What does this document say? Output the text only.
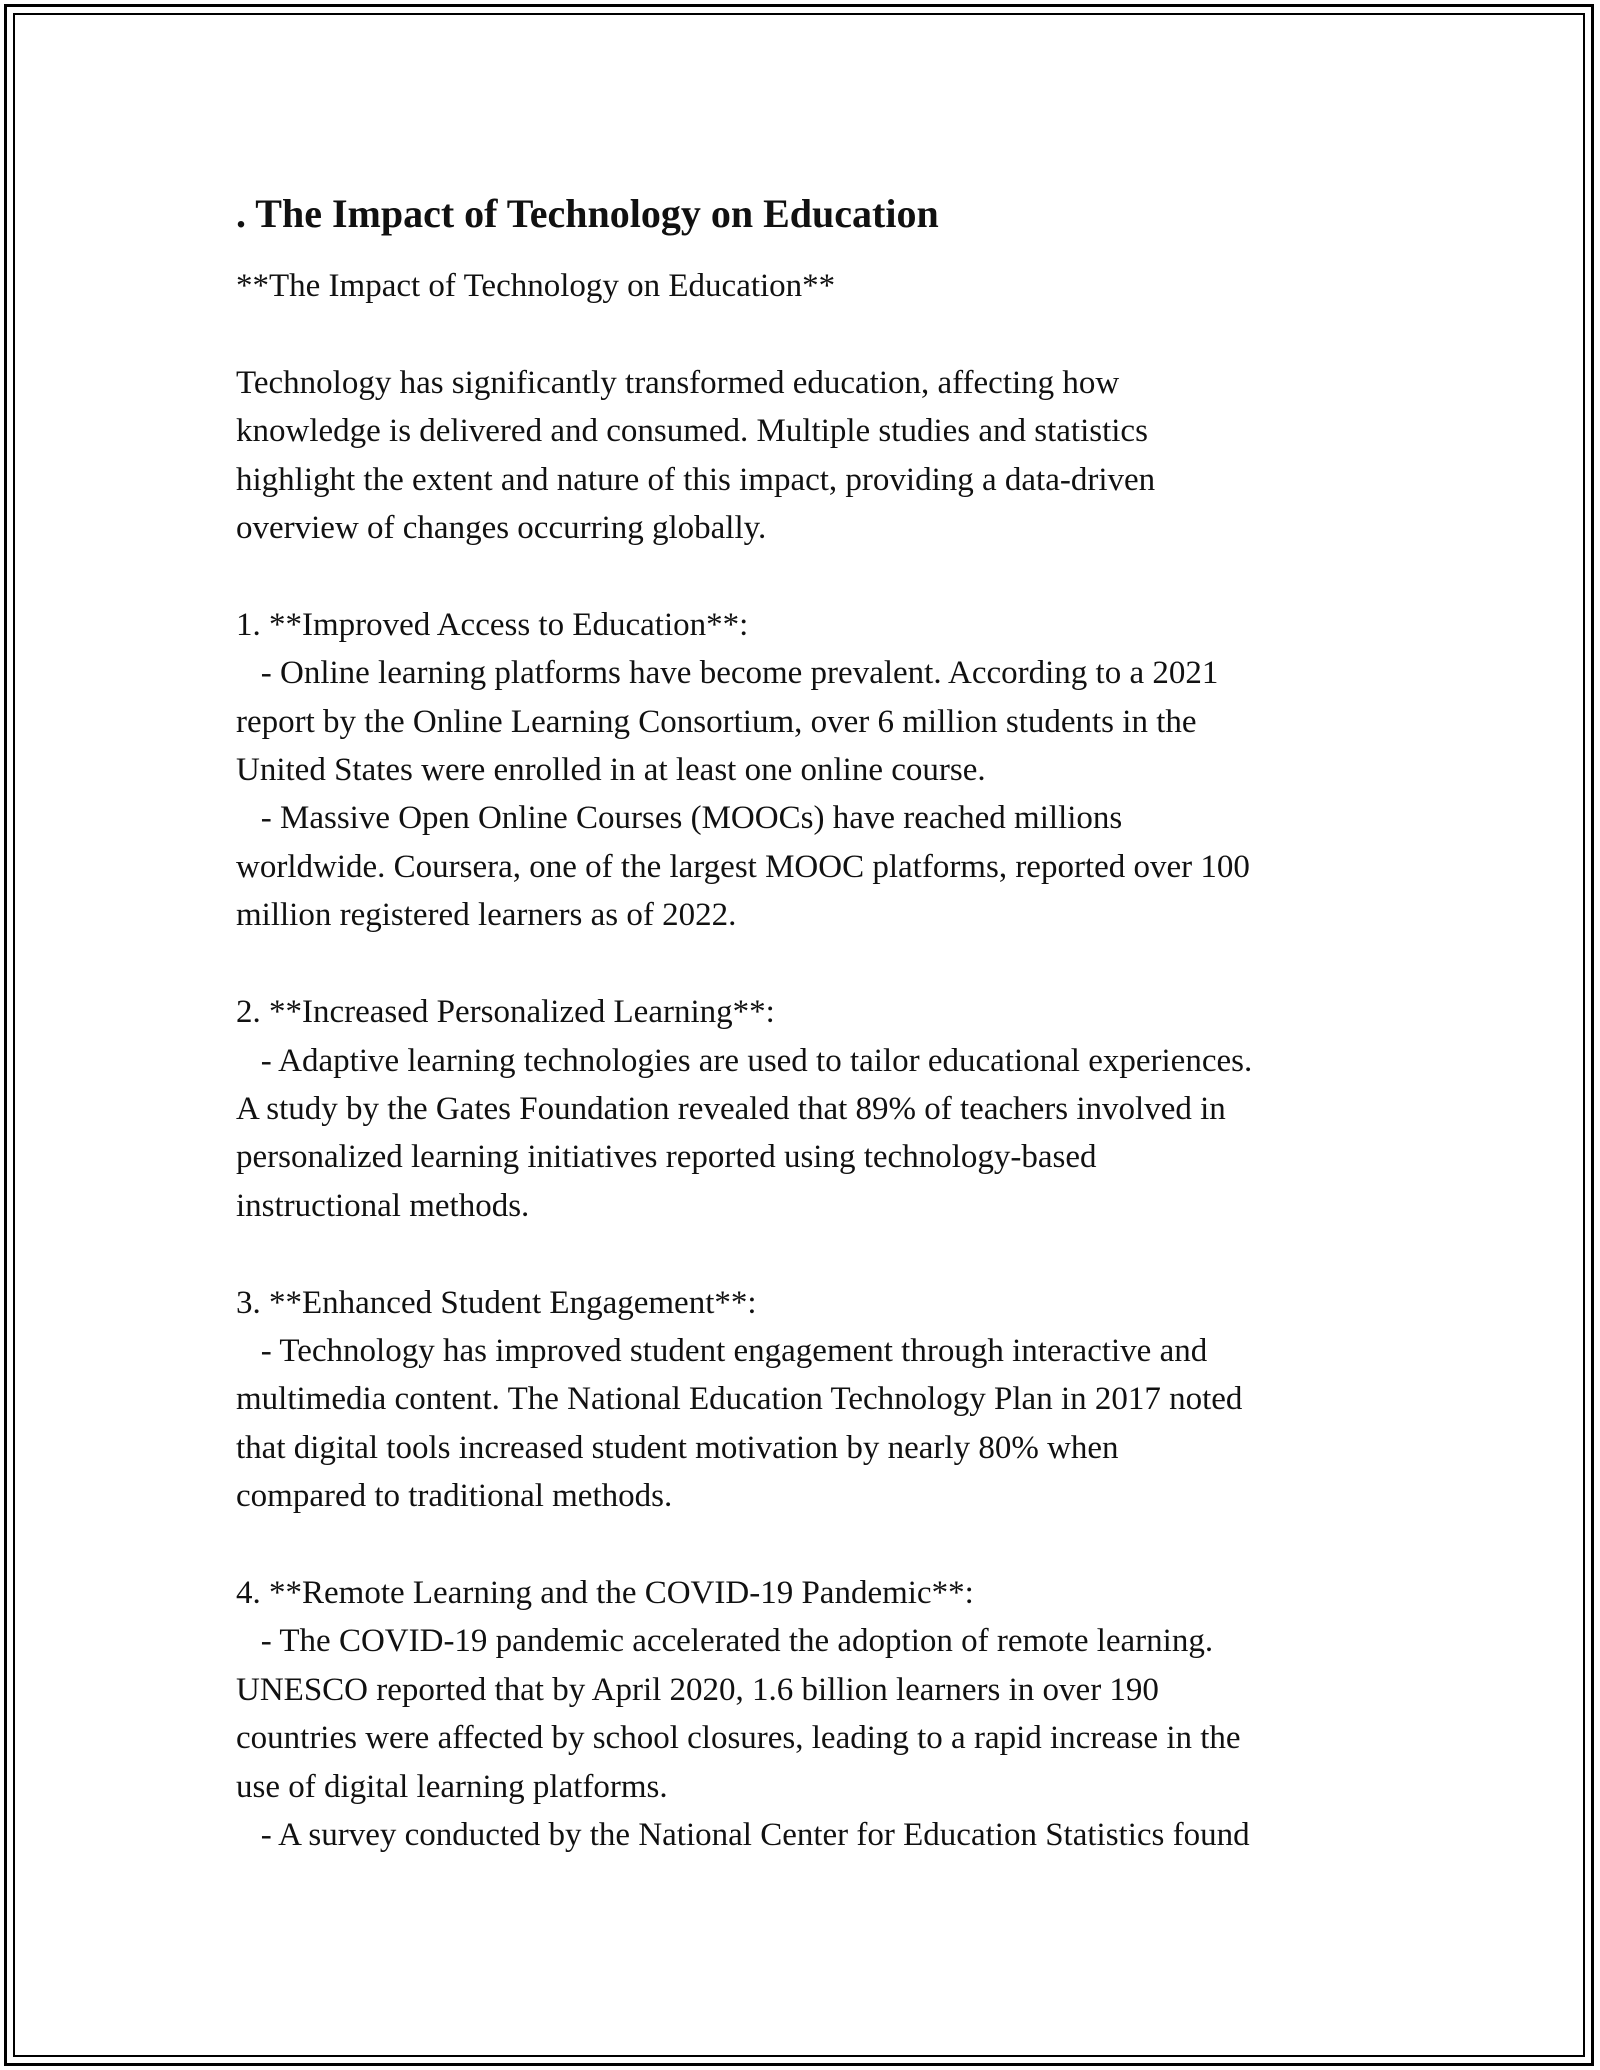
. The Impact of Technology on Education
**The Impact of Technology on Education**

Technology has significantly transformed education, affecting how
knowledge is delivered and consumed. Multiple studies and statistics
highlight the extent and nature of this impact, providing a data-driven
overview of changes occurring globally.

1. **Improved Access to Education**:
- Online learning platforms have become prevalent. According to a 2021
report by the Online Learning Consortium, over 6 million students in the
United States were enrolled in at least one online course.
- Massive Open Online Courses (MOOCs) have reached millions
worldwide. Coursera, one of the largest MOOC platforms, reported over 100
million registered learners as of 2022.

2. **Increased Personalized Learning**:
- Adaptive learning technologies are used to tailor educational experiences.
A study by the Gates Foundation revealed that 89% of teachers involved in
personalized learning initiatives reported using technology-based
instructional methods.

3. **Enhanced Student Engagement**:
- Technology has improved student engagement through interactive and
multimedia content. The National Education Technology Plan in 2017 noted
that digital tools increased student motivation by nearly 80% when
compared to traditional methods.

4. **Remote Learning and the COVID-19 Pandemic**:
- The COVID-19 pandemic accelerated the adoption of remote learning.
UNESCO reported that by April 2020, 1.6 billion learners in over 190
countries were affected by school closures, leading to a rapid increase in the
use of digital learning platforms.
- A survey conducted by the National Center for Education Statistics found
